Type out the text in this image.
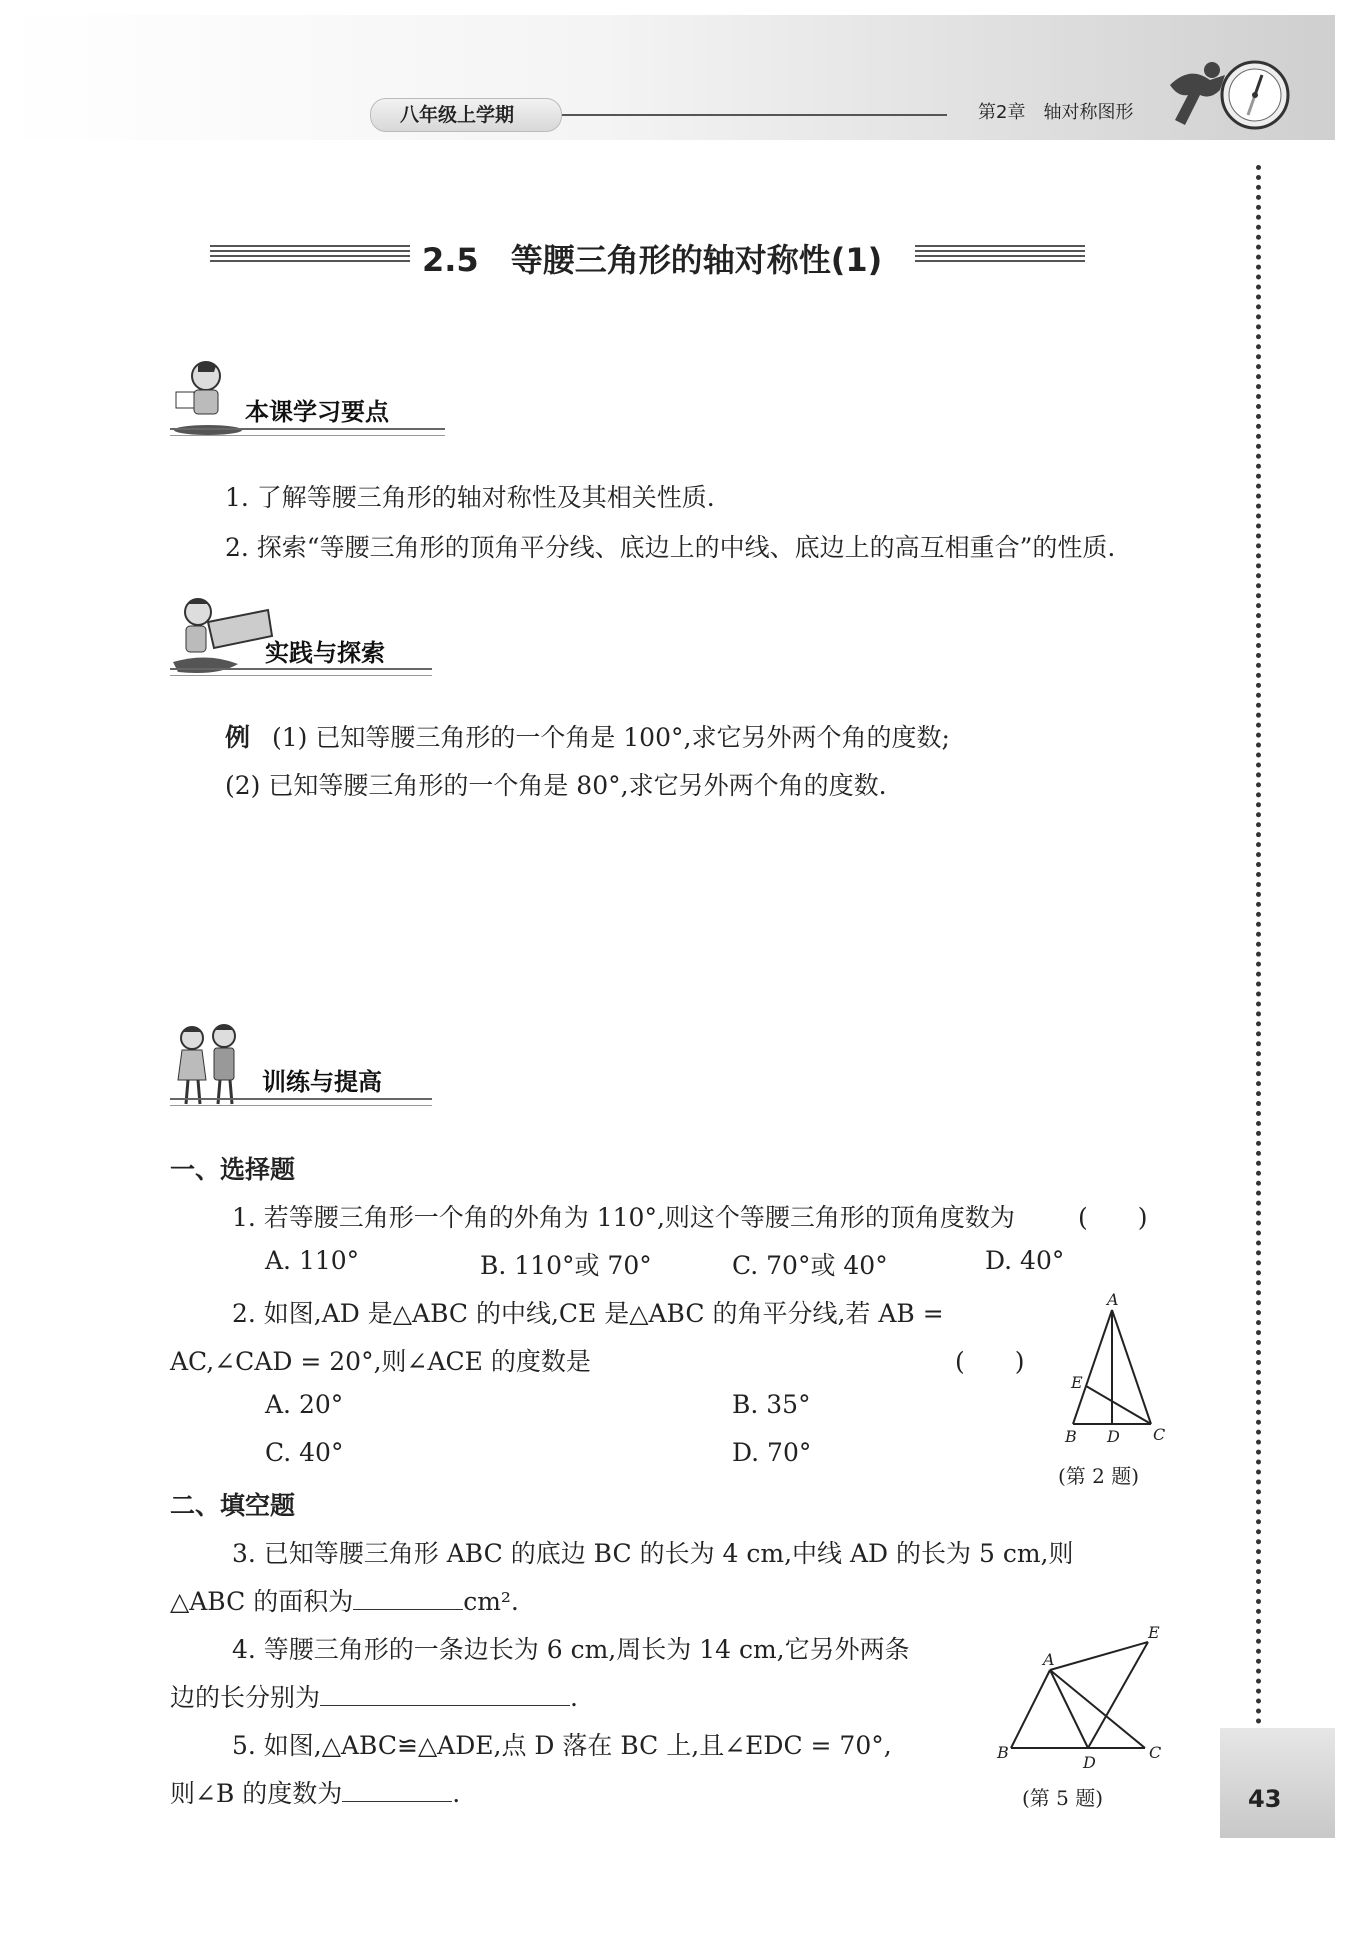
八年级上学期	第2章　轴对称图形
2.5　等腰三角形的轴对称性(1)
本课学习要点
1. 了解等腰三角形的轴对称性及其相关性质.
2. 探索“等腰三角形的顶角平分线、底边上的中线、底边上的高互相重合”的性质.
实践与探索
例 (1) 已知等腰三角形的一个角是 100°,求它另外两个角的度数;
(2) 已知等腰三角形的一个角是 80°,求它另外两个角的度数.
训练与提高
一、选择题
1. 若等腰三角形一个角的外角为 110°,则这个等腰三角形的顶角度数为	(　　)
A. 110°	B. 110°或 70°	C. 70°或 40°	D. 40°
2. 如图,AD 是△ABC 的中线,CE 是△ABC 的角平分线,若 AB =
AC,∠CAD = 20°,则∠ACE 的度数是	(　　)
A. 20°	B. 35°
C. 40°	D. 70°
A
E
B D C
(第 2 题)
二、填空题
3. 已知等腰三角形 ABC 的底边 BC 的长为 4 cm,中线 AD 的长为 5 cm,则
△ABC 的面积为	cm².
4. 等腰三角形的一条边长为 6 cm,周长为 14 cm,它另外两条
边的长分别为	.
5. 如图,△ABC≌△ADE,点 D 落在 BC 上,且∠EDC = 70°,
则∠B 的度数为	.
E
A
B
D
C
(第 5 题)	43
